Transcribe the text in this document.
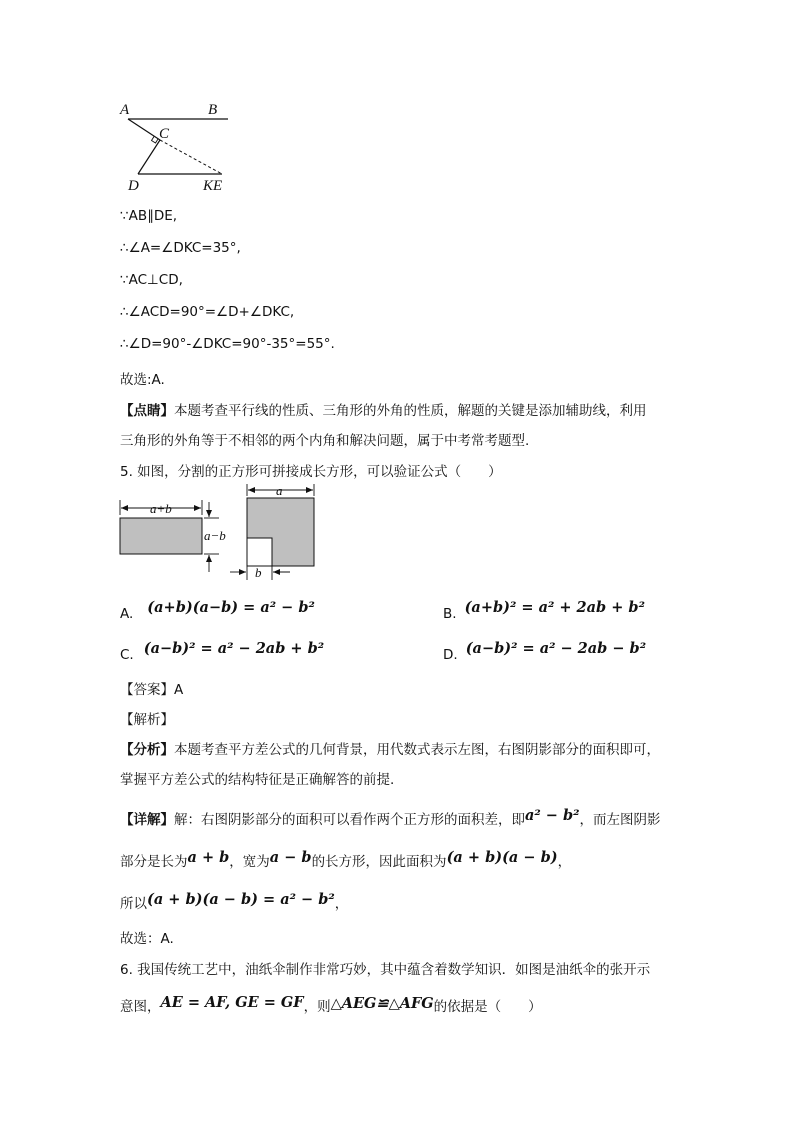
A	B
C
D	KE
∵AB∥DE,
∴∠A=∠DKC=35°,
∵AC⊥CD,
∴∠ACD=90°=∠D+∠DKC,
∴∠D=90°-∠DKC=90°-35°=55°.
故选:A.
【点睛】本题考查平行线的性质、三角形的外角的性质，解题的关键是添加辅助线，利用
三角形的外角等于不相邻的两个内角和解决问题，属于中考常考题型.
5. 如图，分割的正方形可拼接成长方形，可以验证公式（　　）
a+b
a−b
a
b
A. (a+b)(a−b) = a² − b²	B. (a+b)² = a² + 2ab + b²
C. (a−b)² = a² − 2ab + b²	D. (a−b)² = a² − 2ab − b²
【答案】A
【解析】
【分析】本题考查平方差公式的几何背景，用代数式表示左图，右图阴影部分的面积即可，
掌握平方差公式的结构特征是正确解答的前提.
【详解】解：右图阴影部分的面积可以看作两个正方形的面积差，即a² − b²，而左图阴影
部分是长为a + b，宽为a − b的长方形，因此面积为(a + b)(a − b)，
所以(a + b)(a − b) = a² − b²，
故选：A.
6. 我国传统工艺中，油纸伞制作非常巧妙，其中蕴含着数学知识．如图是油纸伞的张开示
意图，AE = AF, GE = GF，则△AEG≌△AFG的依据是（　　）
